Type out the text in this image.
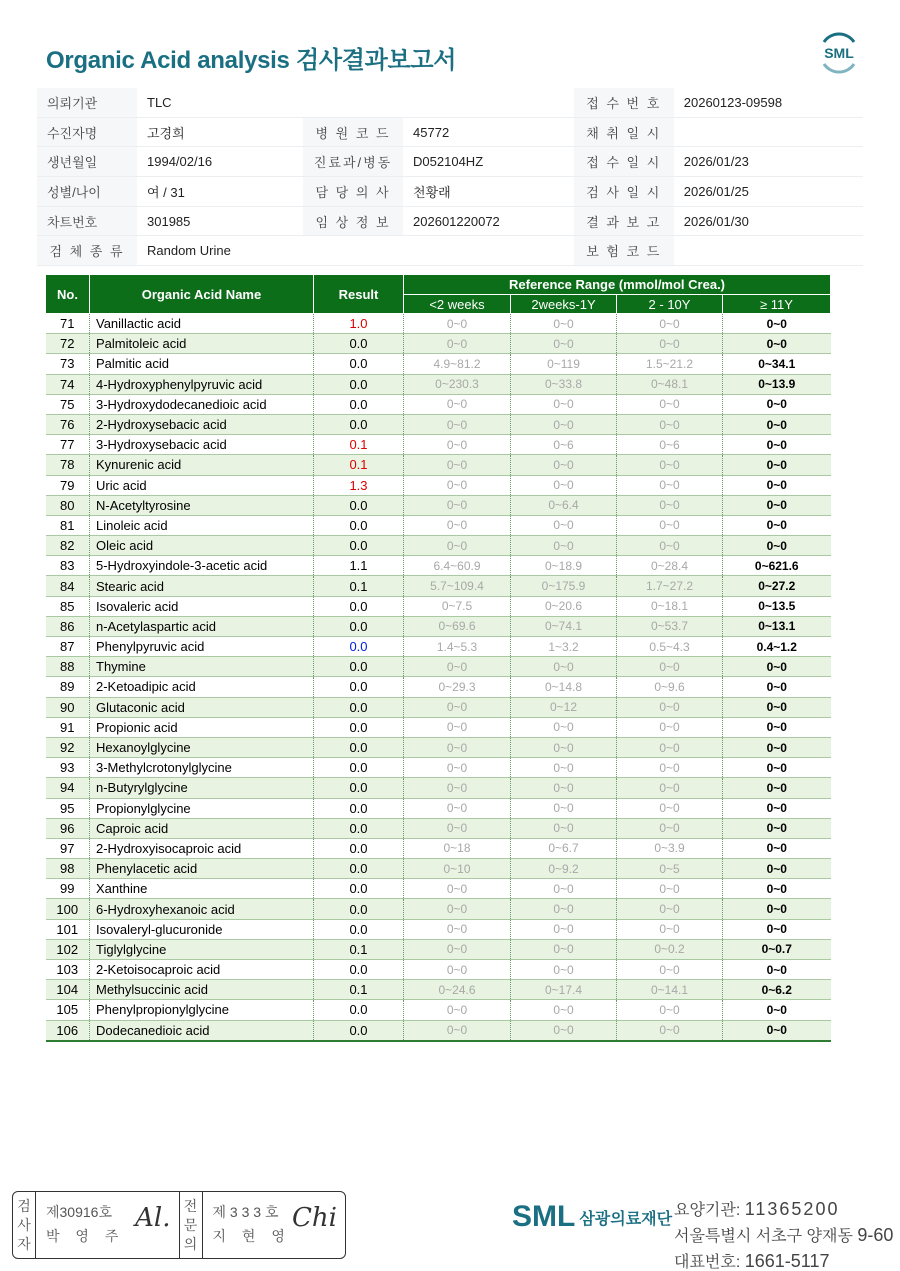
Organic Acid analysis 검사결과보고서	SML
의뢰기관	TLC			접 수 번 호	20260123-09598
수진자명	고경희	병 원 코 드	45772	채 취 일 시	
생년월일	1994/02/16	진료과/병동	D052104HZ	접 수 일 시	2026/01/23
성별/나이	여 / 31	담 당 의 사	천황래	검 사 일 시	2026/01/25
차트번호	301985	임 상 정 보	202601220072	결 과 보 고	2026/01/30
검 체 종 류	Random Urine			보 험 코 드	
No.	Organic Acid Name	Result	Reference Range (mmol/mol Crea.)			
			<2 weeks	2weeks-1Y	2 - 10Y	≥ 11Y
71	Vanillactic acid	1.0	0~0	0~0	0~0	0~0
72	Palmitoleic acid	0.0	0~0	0~0	0~0	0~0
73	Palmitic acid	0.0	4.9~81.2	0~119	1.5~21.2	0~34.1
74	4-Hydroxyphenylpyruvic acid	0.0	0~230.3	0~33.8	0~48.1	0~13.9
75	3-Hydroxydodecanedioic acid	0.0	0~0	0~0	0~0	0~0
76	2-Hydroxysebacic acid	0.0	0~0	0~0	0~0	0~0
77	3-Hydroxysebacic acid	0.1	0~0	0~6	0~6	0~0
78	Kynurenic acid	0.1	0~0	0~0	0~0	0~0
79	Uric acid	1.3	0~0	0~0	0~0	0~0
80	N-Acetyltyrosine	0.0	0~0	0~6.4	0~0	0~0
81	Linoleic acid	0.0	0~0	0~0	0~0	0~0
82	Oleic acid	0.0	0~0	0~0	0~0	0~0
83	5-Hydroxyindole-3-acetic acid	1.1	6.4~60.9	0~18.9	0~28.4	0~621.6
84	Stearic acid	0.1	5.7~109.4	0~175.9	1.7~27.2	0~27.2
85	Isovaleric acid	0.0	0~7.5	0~20.6	0~18.1	0~13.5
86	n-Acetylaspartic acid	0.0	0~69.6	0~74.1	0~53.7	0~13.1
87	Phenylpyruvic acid	0.0	1.4~5.3	1~3.2	0.5~4.3	0.4~1.2
88	Thymine	0.0	0~0	0~0	0~0	0~0
89	2-Ketoadipic acid	0.0	0~29.3	0~14.8	0~9.6	0~0
90	Glutaconic acid	0.0	0~0	0~12	0~0	0~0
91	Propionic acid	0.0	0~0	0~0	0~0	0~0
92	Hexanoylglycine	0.0	0~0	0~0	0~0	0~0
93	3-Methylcrotonylglycine	0.0	0~0	0~0	0~0	0~0
94	n-Butyrylglycine	0.0	0~0	0~0	0~0	0~0
95	Propionylglycine	0.0	0~0	0~0	0~0	0~0
96	Caproic acid	0.0	0~0	0~0	0~0	0~0
97	2-Hydroxyisocaproic acid	0.0	0~18	0~6.7	0~3.9	0~0
98	Phenylacetic acid	0.0	0~10	0~9.2	0~5	0~0
99	Xanthine	0.0	0~0	0~0	0~0	0~0
100	6-Hydroxyhexanoic acid	0.0	0~0	0~0	0~0	0~0
101	Isovaleryl-glucuronide	0.0	0~0	0~0	0~0	0~0
102	Tiglylglycine	0.1	0~0	0~0	0~0.2	0~0.7
103	2-Ketoisocaproic acid	0.0	0~0	0~0	0~0	0~0
104	Methylsuccinic acid	0.1	0~24.6	0~17.4	0~14.1	0~6.2
105	Phenylpropionylglycine	0.0	0~0	0~0	0~0	0~0
106	Dodecanedioic acid	0.0	0~0	0~0	0~0	0~0
검
사
자
제30916호
박 영 주
Al. 전
문
의
제 3 3 3 호
지 현 영
Chi	SML 삼광의료재단 요양기관: 11365200
서울특별시 서초구 양재동 9-60
대표번호: 1661-5117
